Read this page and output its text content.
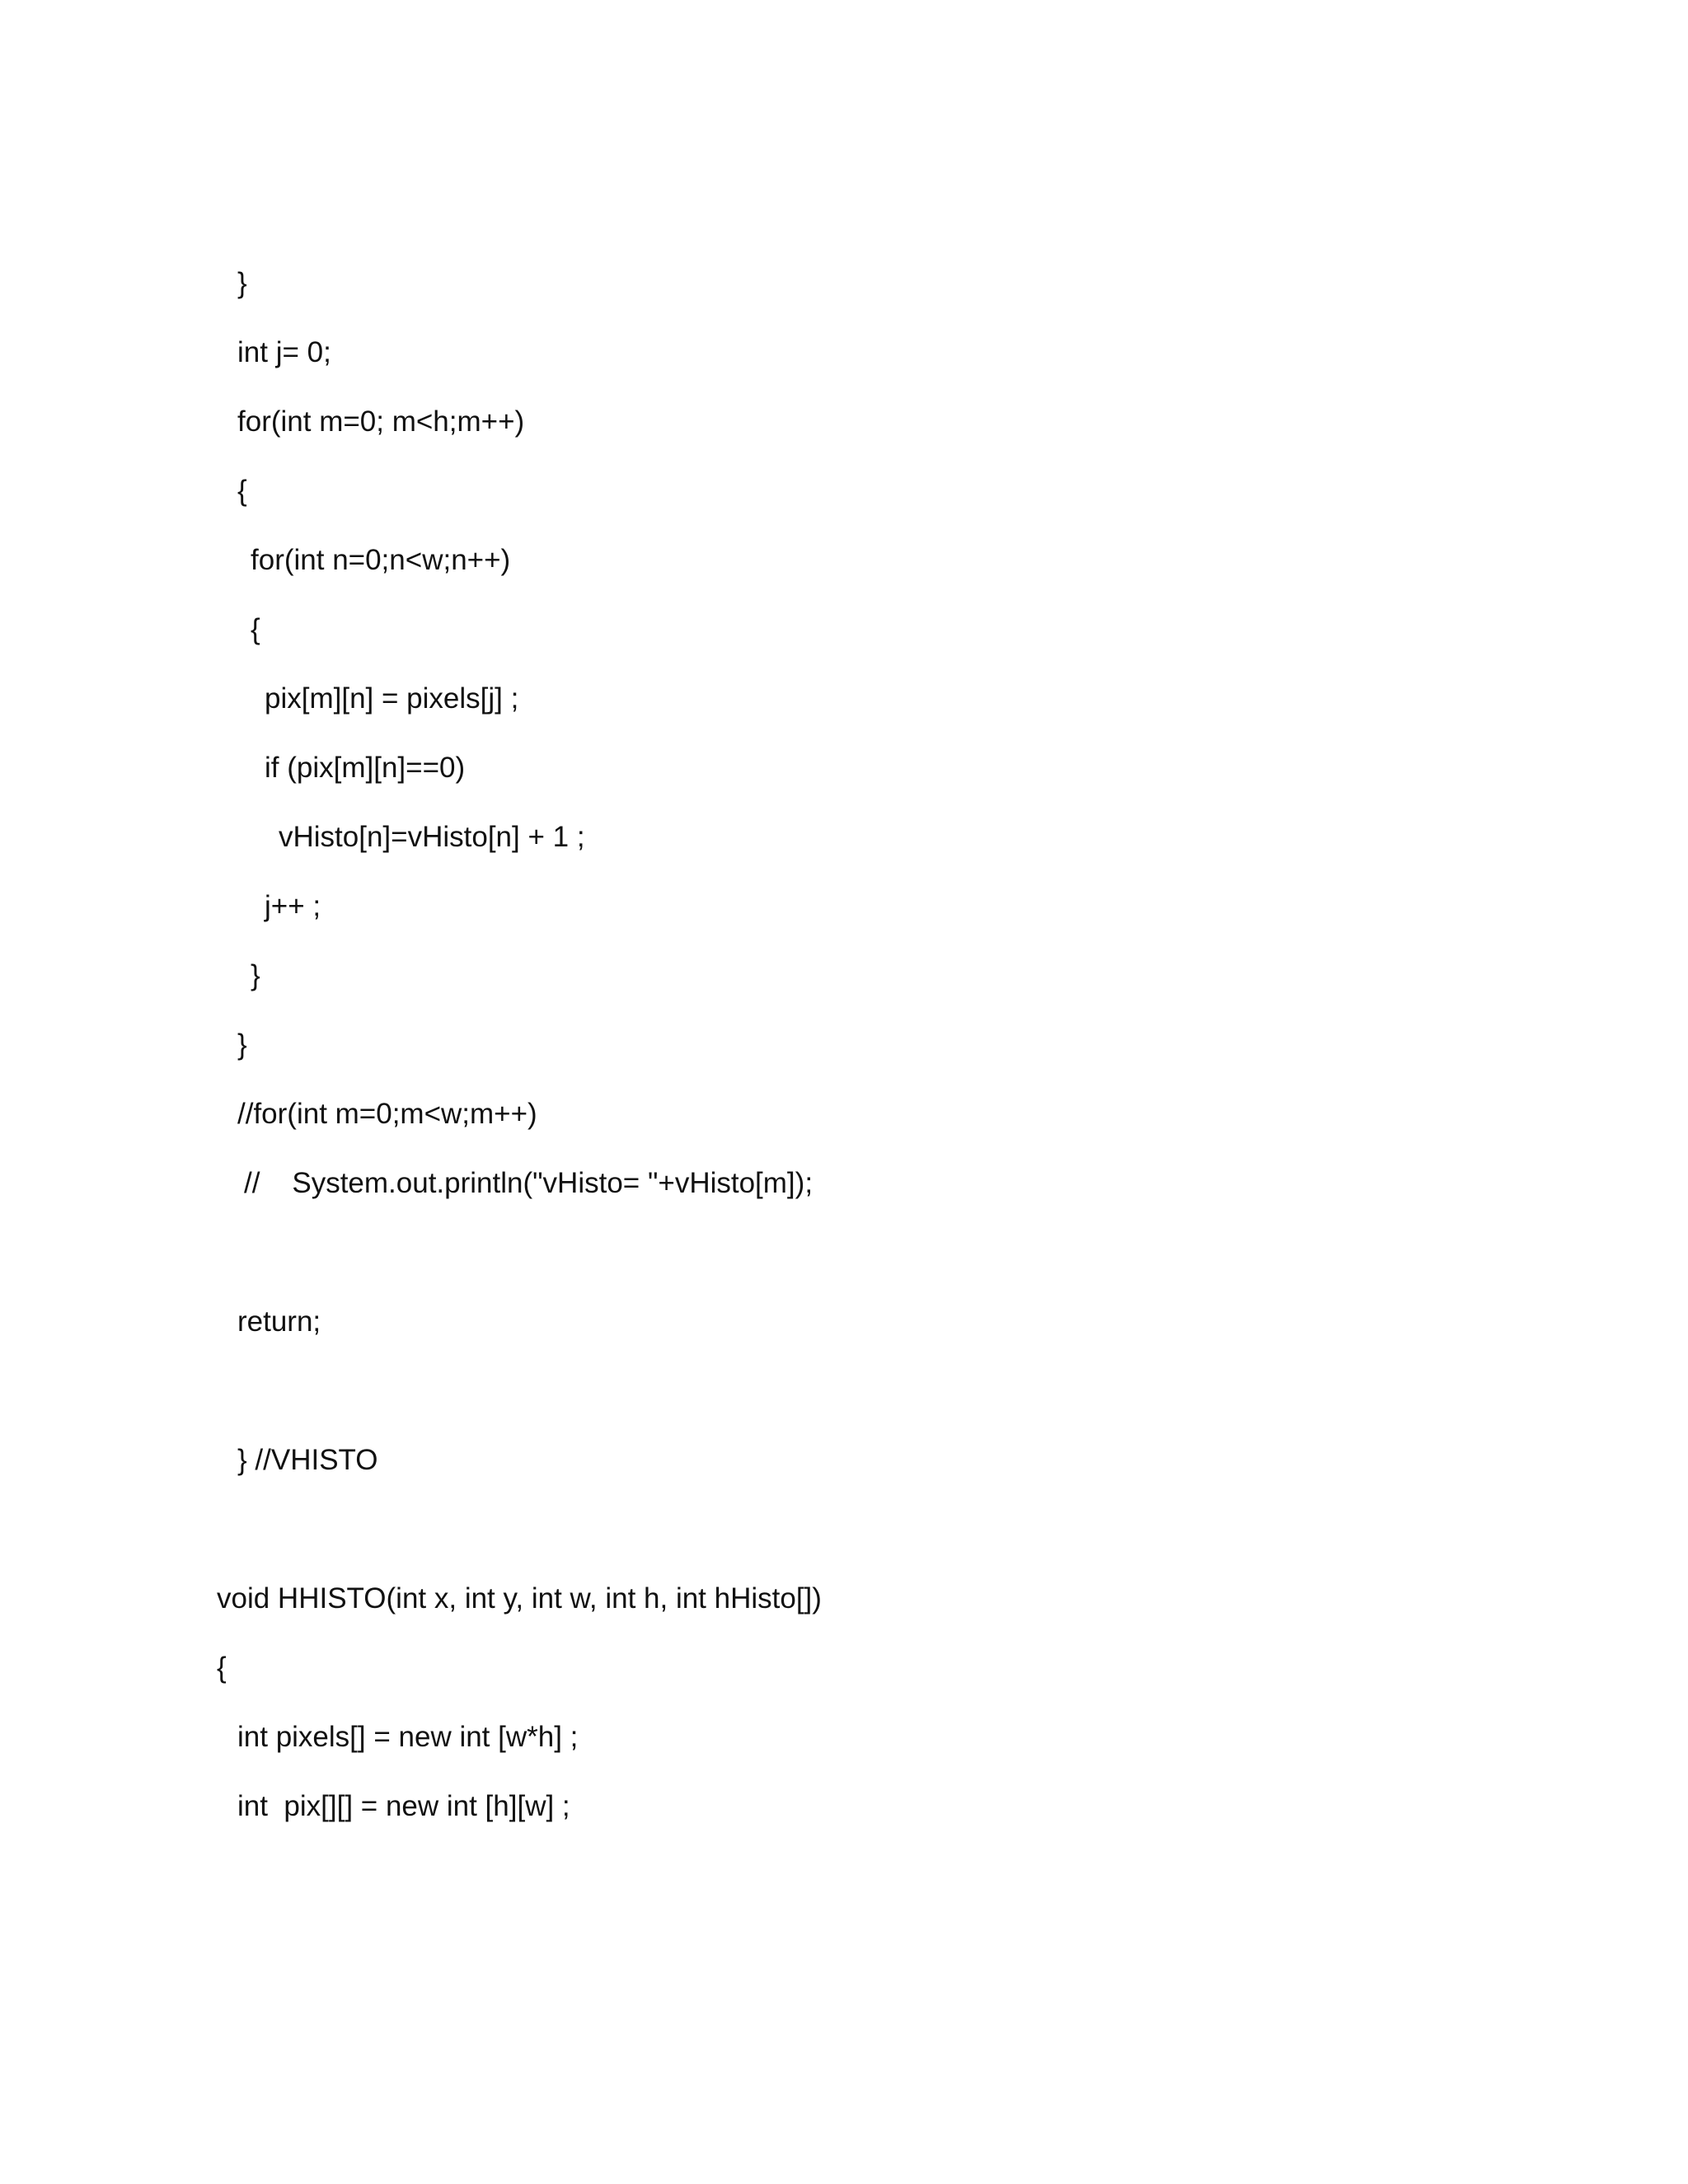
}

int j= 0;

for(int m=0; m<h;m++)

{

for(int n=0;n<w;n++)

{

pix[m][n] = pixels[j] ;

if (pix[m][n]==0)

vHisto[n]=vHisto[n] + 1 ;

j++ ;

}

}

//for(int m=0;m<w;m++)

//    System.out.println("vHisto= "+vHisto[m]);

return;

} //VHISTO

void HHISTO(int x, int y, int w, int h, int hHisto[])

{

int pixels[] = new int [w*h] ;

int  pix[][] = new int [h][w] ;
